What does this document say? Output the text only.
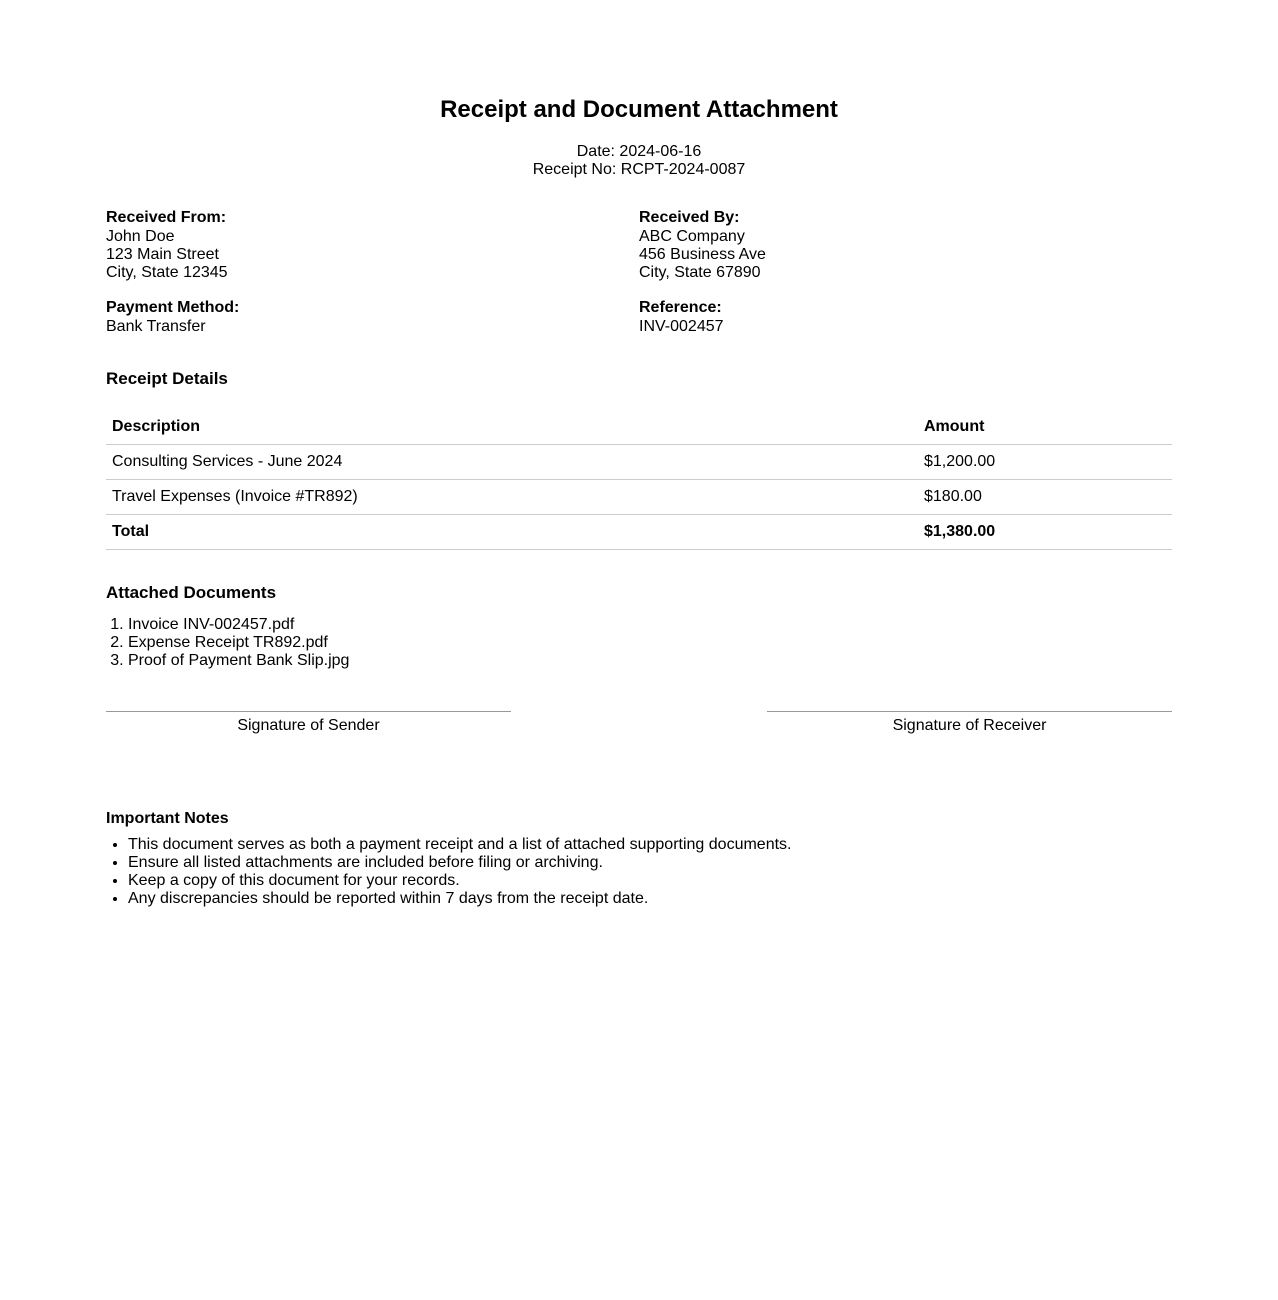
Receipt and Document Attachment
Date: 2024-06-16
Receipt No: RCPT-2024-0087
Received From:
John Doe
123 Main Street
City, State 12345
Payment Method:
Bank Transfer
Received By:
ABC Company
456 Business Ave
City, State 67890
Reference:
INV-002457
Receipt Details
Description	Amount
Consulting Services - June 2024	$1,200.00
Travel Expenses (Invoice #TR892)	$180.00
Total	$1,380.00
Attached Documents
1. Invoice INV-002457.pdf
2. Expense Receipt TR892.pdf
3. Proof of Payment Bank Slip.jpg
Signature of Sender	Signature of Receiver
Important Notes
• This document serves as both a payment receipt and a list of attached supporting documents.
• Ensure all listed attachments are included before filing or archiving.
• Keep a copy of this document for your records.
• Any discrepancies should be reported within 7 days from the receipt date.
